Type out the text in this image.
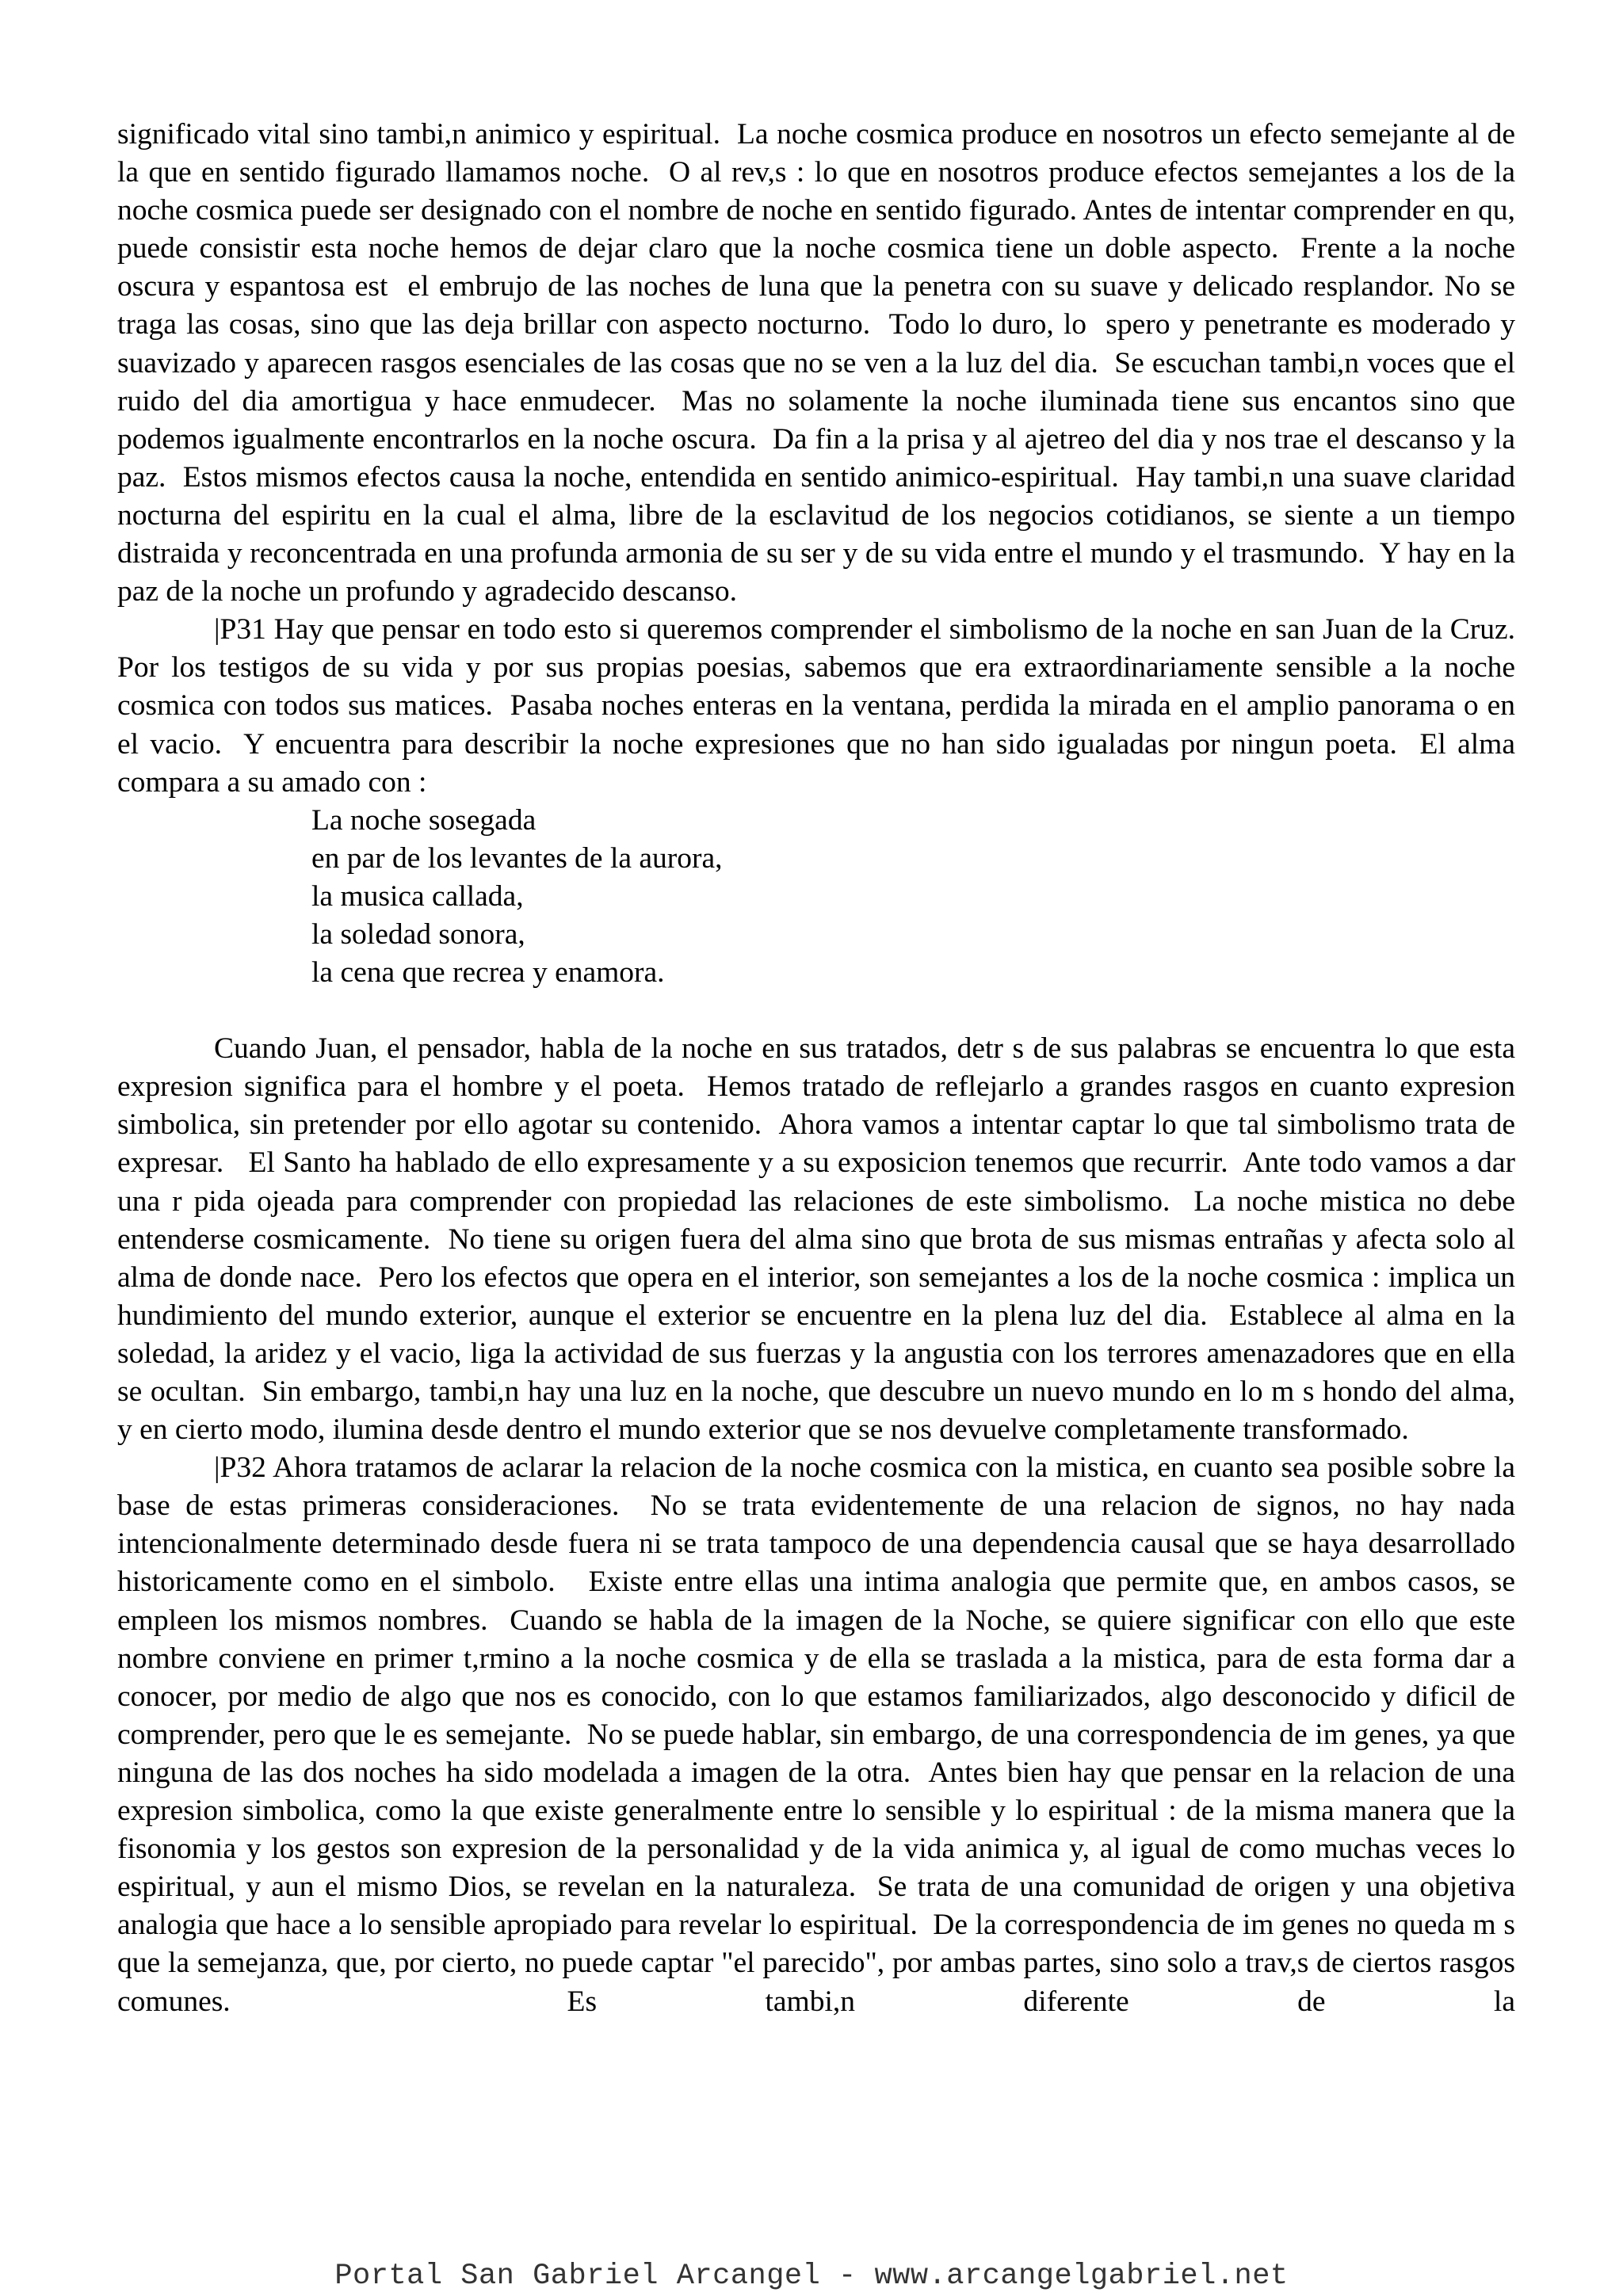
significado vital sino tambi,n animico y espiritual.  La noche cosmica produce en nosotros un efecto semejante al de la que en sentido figurado llamamos noche.  O al rev,s : lo que en nosotros produce efectos semejantes a los de la noche cosmica puede ser designado con el nombre de noche en sentido figurado. Antes de intentar comprender en qu, puede consistir esta noche hemos de dejar claro que la noche cosmica tiene un doble aspecto.  Frente a la noche oscura y espantosa est  el embrujo de las noches de luna que la penetra con su suave y delicado resplandor. No se traga las cosas, sino que las deja brillar con aspecto nocturno.  Todo lo duro, lo  spero y penetrante es moderado y suavizado y aparecen rasgos esenciales de las cosas que no se ven a la luz del dia.  Se escuchan tambi,n voces que el ruido del dia amortigua y hace enmudecer.  Mas no solamente la noche iluminada tiene sus encantos sino que podemos igualmente encontrarlos en la noche oscura.  Da fin a la prisa y al ajetreo del dia y nos trae el descanso y la paz.  Estos mismos efectos causa la noche, entendida en sentido animico-espiritual.  Hay tambi,n una suave claridad nocturna del espiritu en la cual el alma, libre de la esclavitud de los negocios cotidianos, se siente a un tiempo distraida y reconcentrada en una profunda armonia de su ser y de su vida entre el mundo y el trasmundo.  Y hay en la paz de la noche un profundo y agradecido descanso.

|P31 Hay que pensar en todo esto si queremos comprender el simbolismo de la noche en san Juan de la Cruz.  Por los testigos de su vida y por sus propias poesias, sabemos que era extraordinariamente sensible a la noche cosmica con todos sus matices.  Pasaba noches enteras en la ventana, perdida la mirada en el amplio panorama o en el vacio.  Y encuentra para describir la noche expresiones que no han sido igualadas por ningun poeta.  El alma compara a su amado con :

La noche sosegada
en par de los levantes de la aurora,
la musica callada,
la soledad sonora,
la cena que recrea y enamora.

Cuando Juan, el pensador, habla de la noche en sus tratados, detr s de sus palabras se encuentra lo que esta expresion significa para el hombre y el poeta.  Hemos tratado de reflejarlo a grandes rasgos en cuanto expresion simbolica, sin pretender por ello agotar su contenido.  Ahora vamos a intentar captar lo que tal simbolismo trata de expresar.   El Santo ha hablado de ello expresamente y a su exposicion tenemos que recurrir.  Ante todo vamos a dar una r pida ojeada para comprender con propiedad las relaciones de este simbolismo.  La noche mistica no debe entenderse cosmicamente.  No tiene su origen fuera del alma sino que brota de sus mismas entrañas y afecta solo al alma de donde nace.  Pero los efectos que opera en el interior, son semejantes a los de la noche cosmica : implica un hundimiento del mundo exterior, aunque el exterior se encuentre en la plena luz del dia.  Establece al alma en la soledad, la aridez y el vacio, liga la actividad de sus fuerzas y la angustia con los terrores amenazadores que en ella se ocultan.  Sin embargo, tambi,n hay una luz en la noche, que descubre un nuevo mundo en lo m s hondo del alma, y en cierto modo, ilumina desde dentro el mundo exterior que se nos devuelve completamente transformado.

|P32 Ahora tratamos de aclarar la relacion de la noche cosmica con la mistica, en cuanto sea posible sobre la base de estas primeras consideraciones.  No se trata evidentemente de una relacion de signos, no hay nada intencionalmente determinado desde fuera ni se trata tampoco de una dependencia causal que se haya desarrollado historicamente como en el simbolo.   Existe entre ellas una intima analogia que permite que, en ambos casos, se empleen los mismos nombres.  Cuando se habla de la imagen de la Noche, se quiere significar con ello que este nombre conviene en primer t,rmino a la noche cosmica y de ella se traslada a la mistica, para de esta forma dar a conocer, por medio de algo que nos es conocido, con lo que estamos familiarizados, algo desconocido y dificil de comprender, pero que le es semejante.  No se puede hablar, sin embargo, de una correspondencia de im genes, ya que ninguna de las dos noches ha sido modelada a imagen de la otra.  Antes bien hay que pensar en la relacion de una expresion simbolica, como la que existe generalmente entre lo sensible y lo espiritual : de la misma manera que la fisonomia y los gestos son expresion de la personalidad y de la vida animica y, al igual de como muchas veces lo espiritual, y aun el mismo Dios, se revelan en la naturaleza.  Se trata de una comunidad de origen y una objetiva analogia que hace a lo sensible apropiado para revelar lo espiritual.  De la correspondencia de im genes no queda m s que la semejanza, que, por cierto, no puede captar "el parecido", por ambas partes, sino solo a trav,s de ciertos rasgos comunes.  Es tambi,n diferente de la

Portal San Gabriel Arcangel - www.arcangelgabriel.net
